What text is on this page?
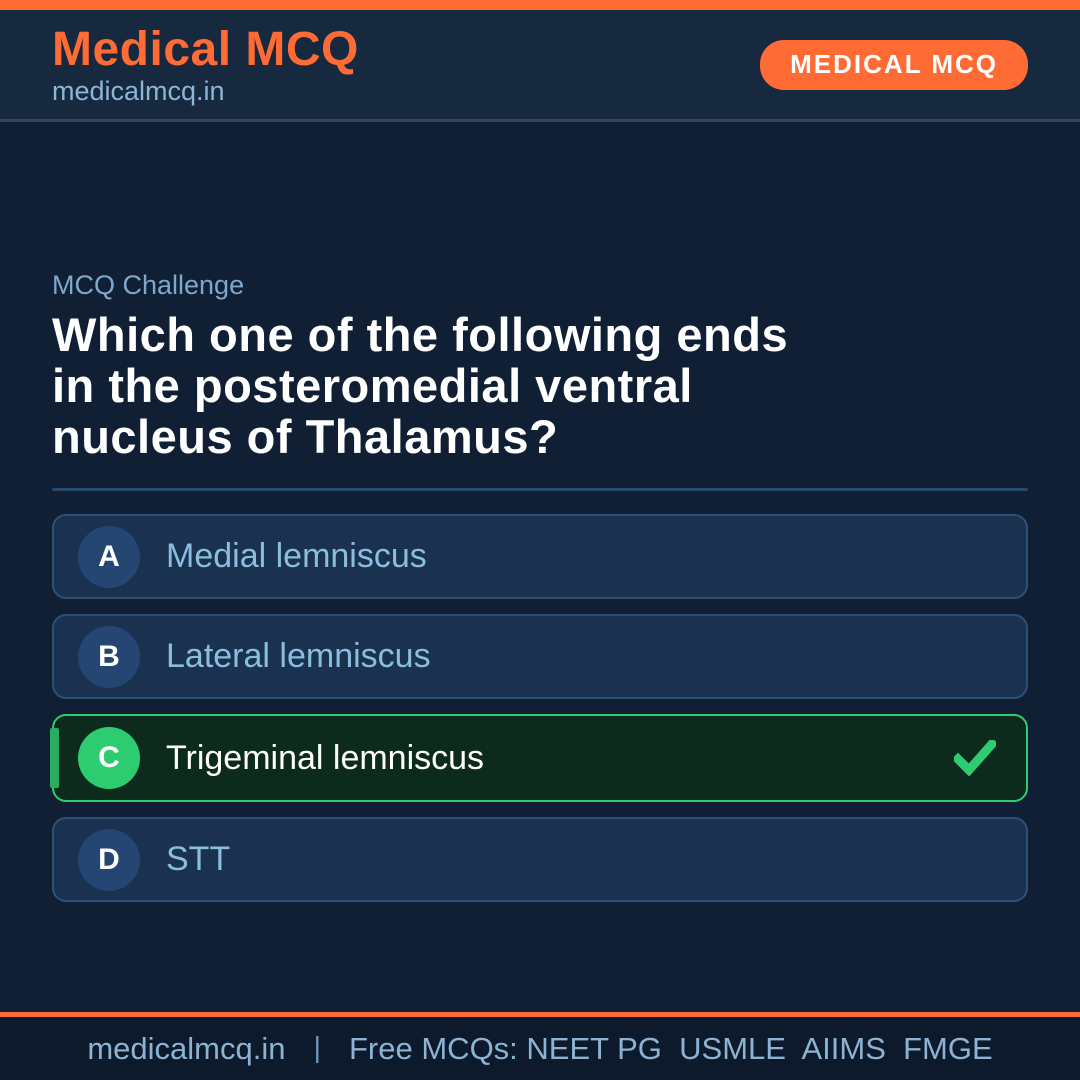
Medical MCQ
medicalmcq.in
MEDICAL MCQ
MCQ Challenge
Which one of the following ends
in the posteromedial ventral
nucleus of Thalamus?
A	Medial lemniscus
B	Lateral lemniscus
C	Trigeminal lemniscus
D	STT
medicalmcq.in | Free MCQs: NEET PG  USMLE  AIIMS  FMGE
